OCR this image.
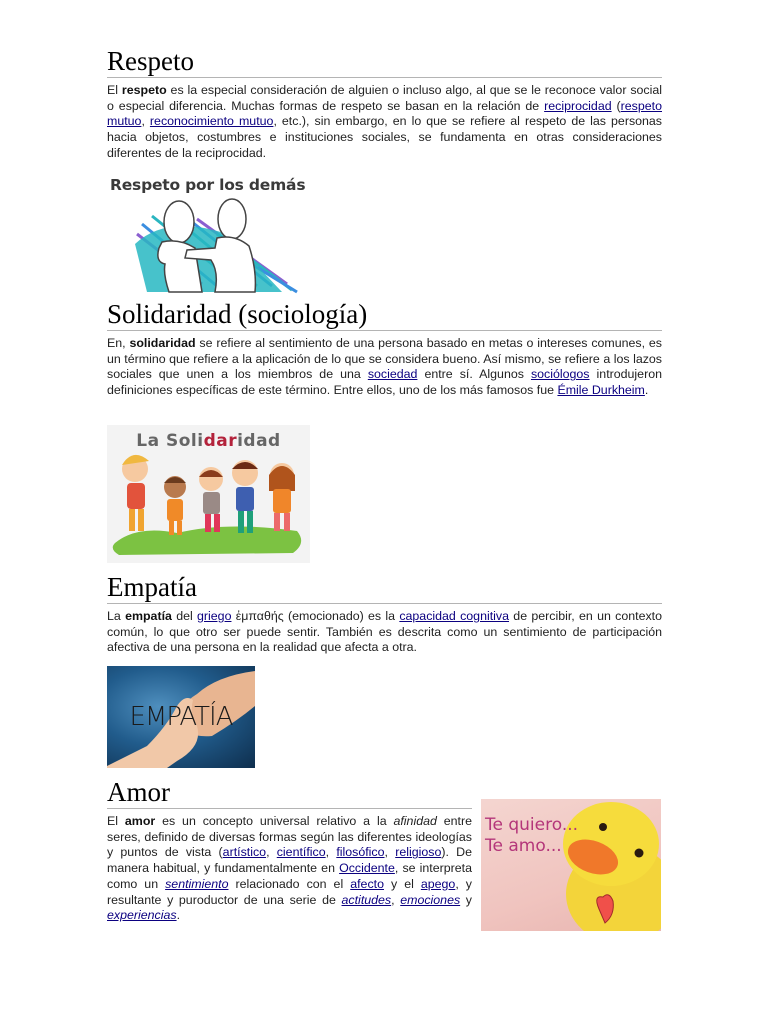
Respeto

El respeto es la especial consideración de alguien o incluso algo, al que se le reconoce valor social o especial diferencia. Muchas formas de respeto se basan en la relación de reciprocidad (respeto mutuo, reconocimiento mutuo, etc.), sin embargo, en lo que se refiere al respeto de las personas hacia objetos, costumbres e instituciones sociales, se fundamenta en otras consideraciones diferentes de la reciprocidad.

Respeto por los demás
Solidaridad (sociología)

En, solidaridad se refiere al sentimiento de una persona basado en metas o intereses comunes, es un término que refiere a la aplicación de lo que se considera bueno. Así mismo, se refiere a los lazos sociales que unen a los miembros de una sociedad entre sí. Algunos sociólogos introdujeron definiciones específicas de este término. Entre ellos, uno de los más famosos fue Émile Durkheim.

La Solidaridad
Empatía

La empatía del griego ἐμπαθής (emocionado) es la capacidad cognitiva de percibir, en un contexto común, lo que otro ser puede sentir. También es descrita como un sentimiento de participación afectiva de una persona en la realidad que afecta a otra.

EMPATÍA
Amor

El amor es un concepto universal relativo a la afinidad entre seres, definido de diversas formas según las diferentes ideologías y puntos de vista (artístico, científico, filosófico, religioso). De manera habitual, y fundamentalmente en Occidente, se interpreta como un sentimiento relacionado con el afecto y el apego, y resultante y puroductor de una serie de actitudes, emociones y experiencias.

Te quiero...
Te amo...
